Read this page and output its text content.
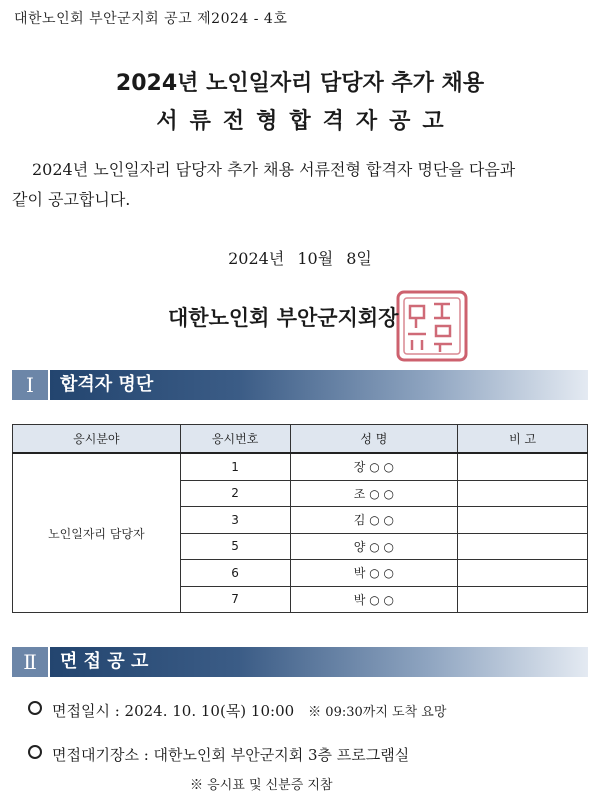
대한노인회 부안군지회 공고 제2024 - 4호
2024년 노인일자리 담당자 추가 채용
서류전형합격자공고
2024년 노인일자리 담당자 추가 채용 서류전형 합격자 명단을 다음과
같이 공고합니다.
2024년 10월 8일
대한노인회 부안군지회장
Ⅰ	합격자 명단
응시분야	응시번호	성 명	비 고
노인일자리 담당자	1	장 ○ ○	
	2	조 ○ ○	
	3	김 ○ ○	
	5	양 ○ ○	
	6	박 ○ ○	
	7	박 ○ ○	
Ⅱ	면 접 공 고
면접일시 : 2024. 10. 10(목) 10:00 ※ 09:30까지 도착 요망
면접대기장소 : 대한노인회 부안군지회 3층 프로그램실
※ 응시표 및 신분증 지참
